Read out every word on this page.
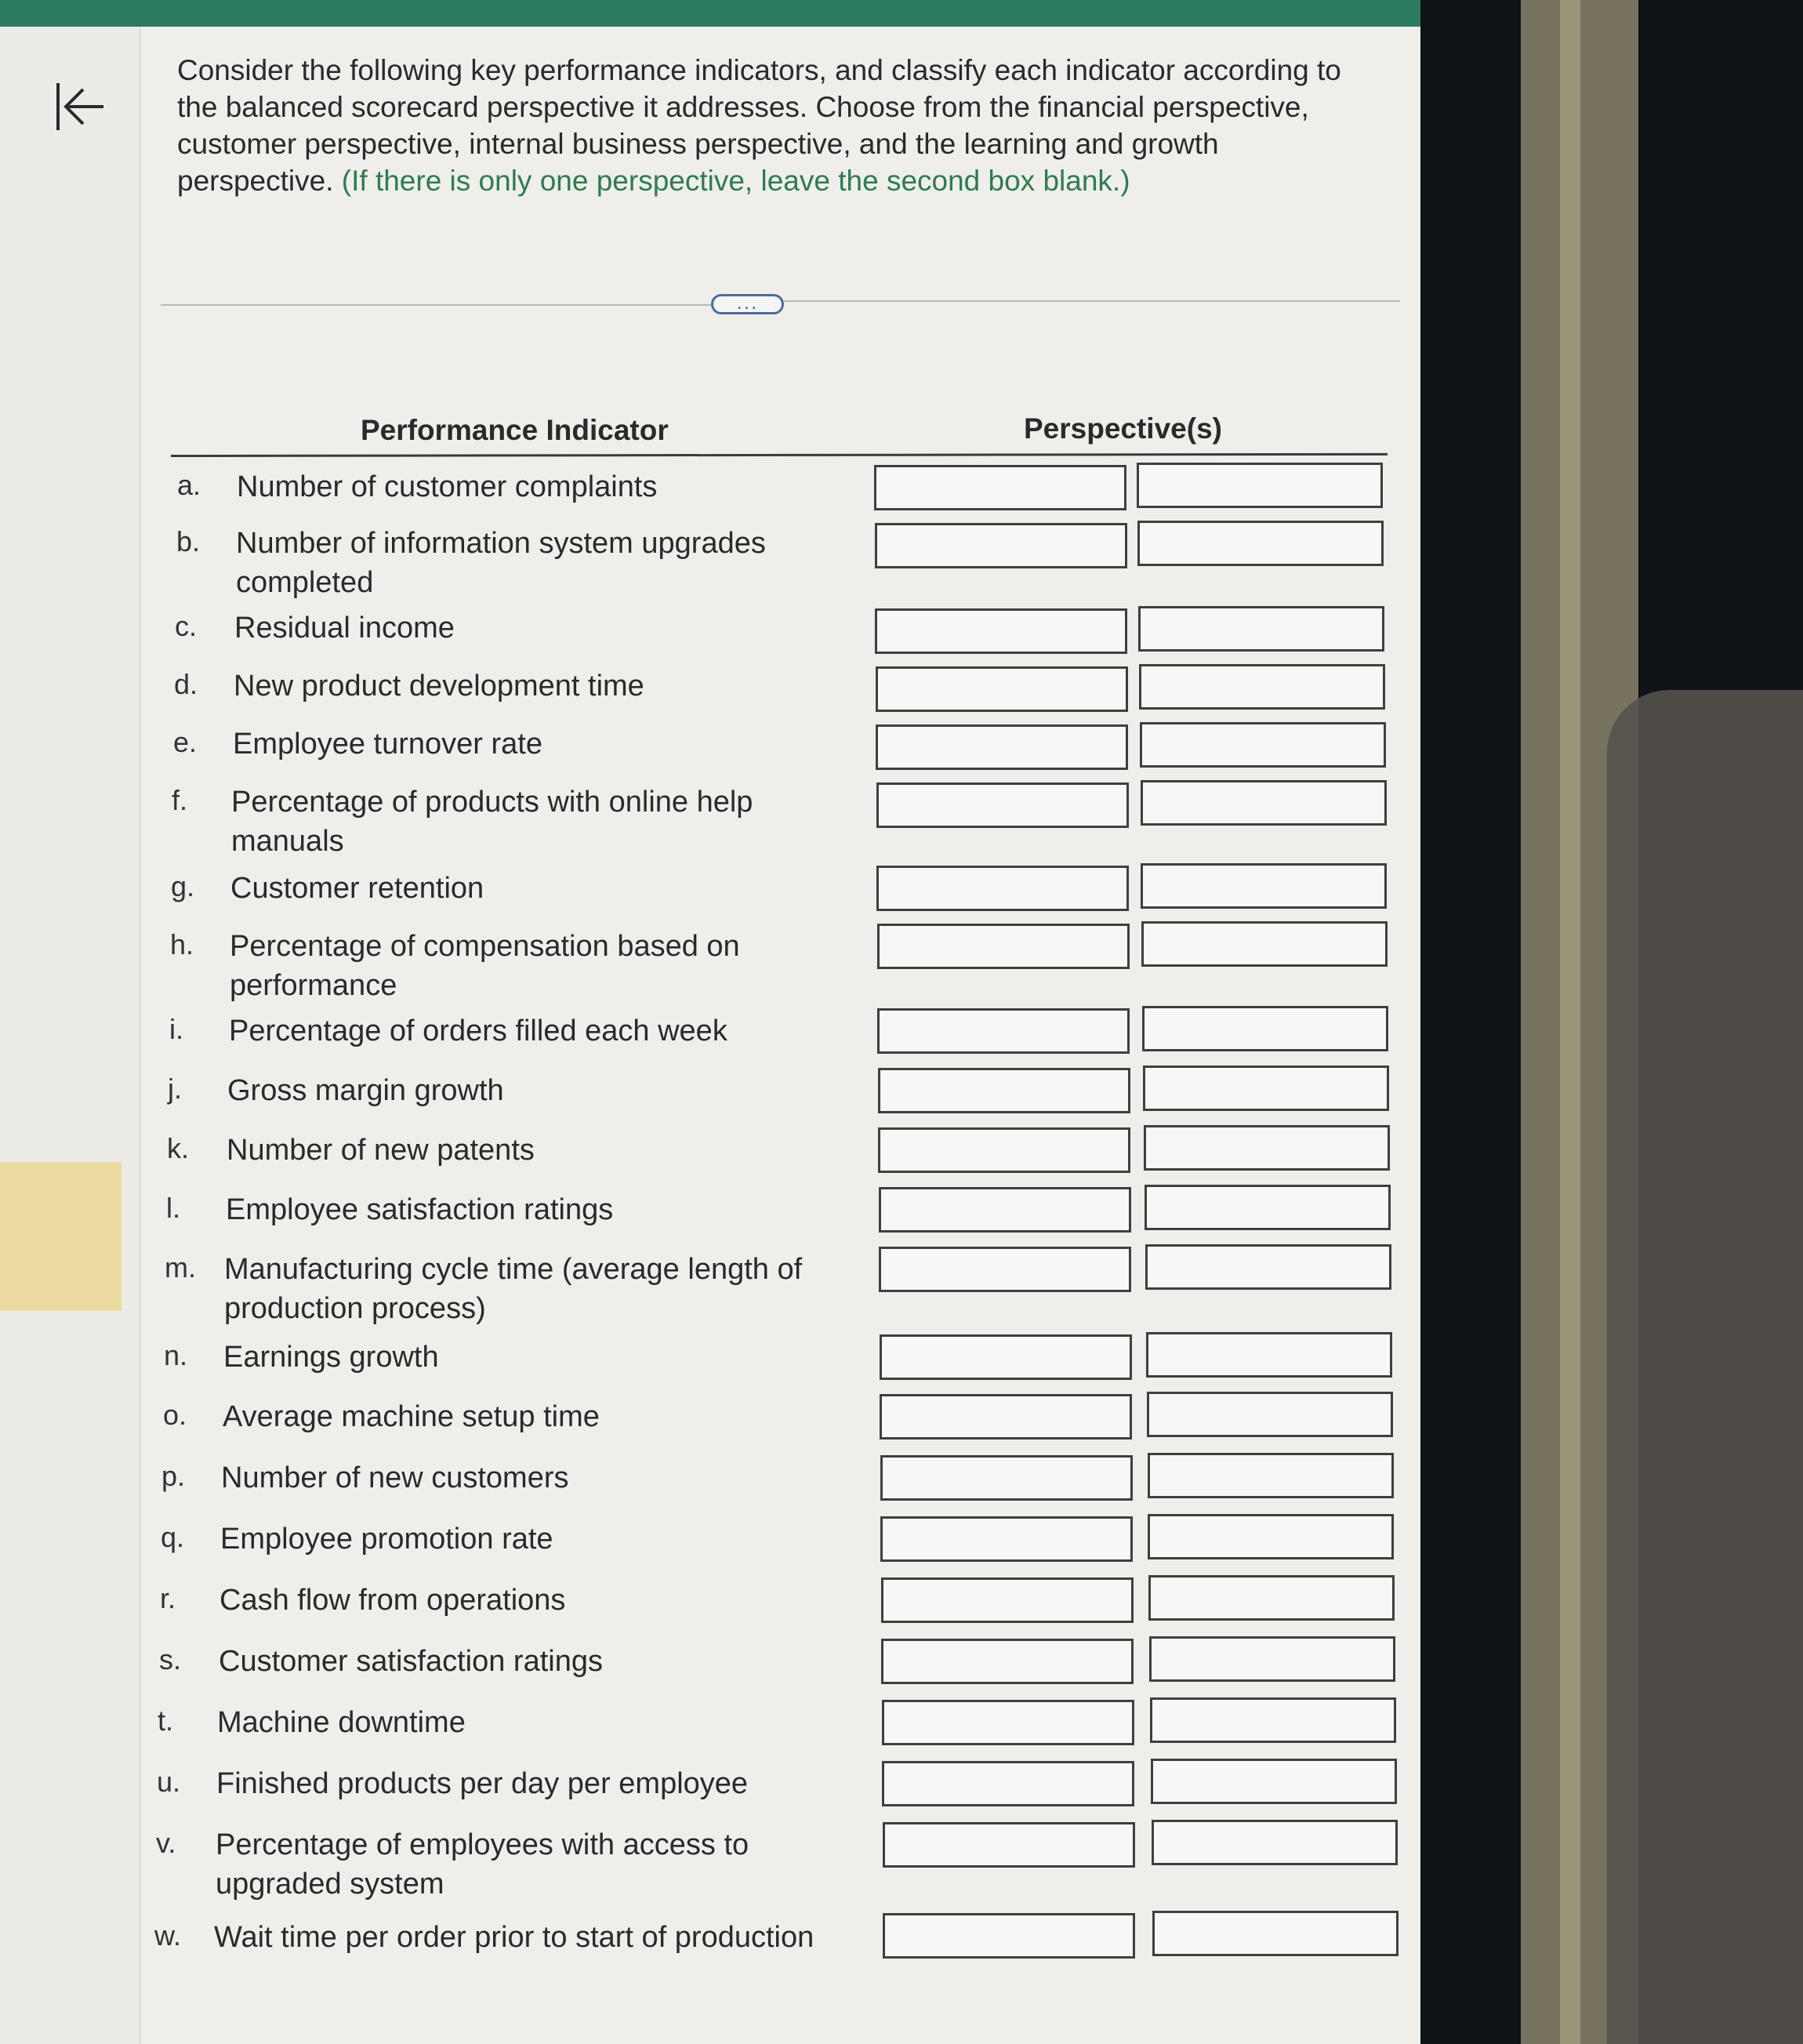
Consider the following key performance indicators, and classify each indicator according to the balanced scorecard perspective it addresses. Choose from the financial perspective, customer perspective, internal business perspective, and the learning and growth perspective. (If there is only one perspective, leave the second box blank.)

...
Performance Indicator	Perspective(s)
a.	Number of customer complaints
b.	Number of information system upgrades completed
c.	Residual income
d.	New product development time
e.	Employee turnover rate
f.	Percentage of products with online help manuals
g.	Customer retention
h.	Percentage of compensation based on performance
i.	Percentage of orders filled each week
j.	Gross margin growth
k.	Number of new patents
l.	Employee satisfaction ratings
m. Manufacturing cycle time (average length of production process)
n.	Earnings growth
o.	Average machine setup time
p.	Number of new customers
q.	Employee promotion rate
r.	Cash flow from operations
s.	Customer satisfaction ratings
t.	Machine downtime
u.	Finished products per day per employee
v.	Percentage of employees with access to upgraded system
w.	Wait time per order prior to start of production
